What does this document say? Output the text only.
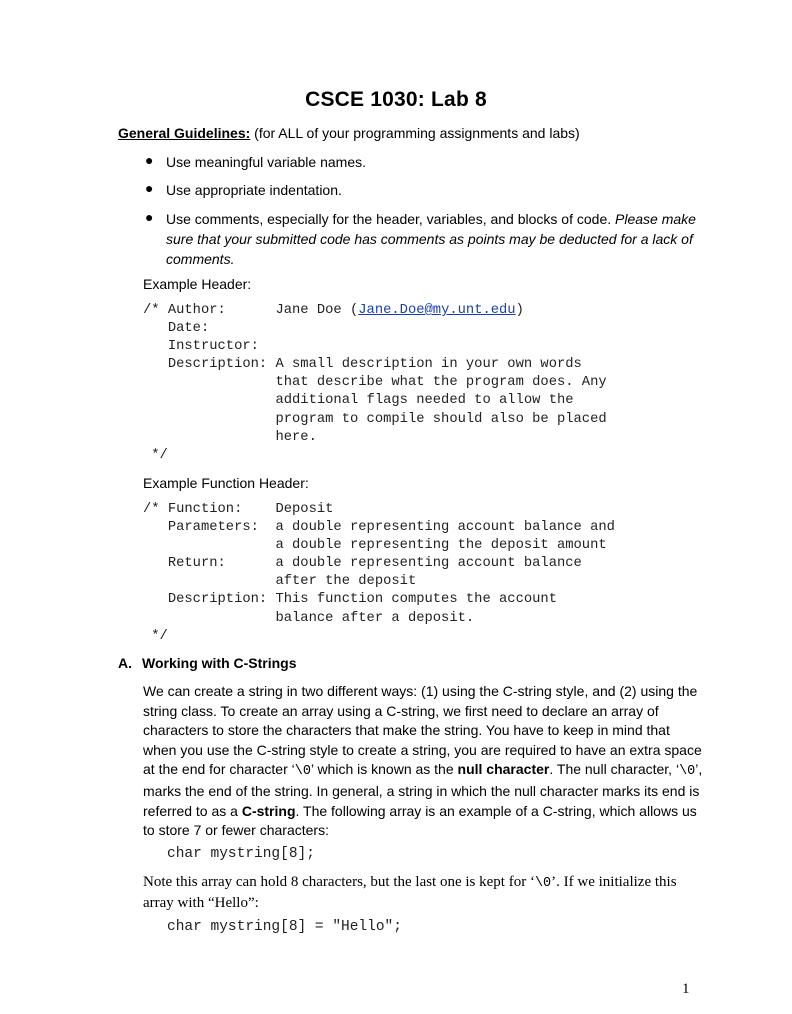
CSCE 1030: Lab 8
General Guidelines: (for ALL of your programming assignments and labs)
● Use meaningful variable names.
● Use appropriate indentation.
● Use comments, especially for the header, variables, and blocks of code. Please make sure that your submitted code has comments as points may be deducted for a lack of comments.
Example Header:
/* Author:      Jane Doe (Jane.Doe@my.unt.edu)
Date:
Instructor:
Description: A small description in your own words
that describe what the program does. Any
additional flags needed to allow the
program to compile should also be placed
here.
*/
Example Function Header:
/* Function:    Deposit
Parameters:  a double representing account balance and
a double representing the deposit amount
Return:      a double representing account balance
after the deposit
Description: This function computes the account
balance after a deposit.
*/
A. Working with C-Strings
We can create a string in two different ways: (1) using the C-string style, and (2) using the string class. To create an array using a C-string, we first need to declare an array of characters to store the characters that make the string. You have to keep in mind that when you use the C-string style to create a string, you are required to have an extra space at the end for character ‘\0’ which is known as the null character. The null character, ‘\0’, marks the end of the string. In general, a string in which the null character marks its end is referred to as a C-string. The following array is an example of a C-string, which allows us to store 7 or fewer characters:
char mystring[8];
Note this array can hold 8 characters, but the last one is kept for ‘\0’. If we initialize this array with “Hello”:
char mystring[8] = "Hello";
1
